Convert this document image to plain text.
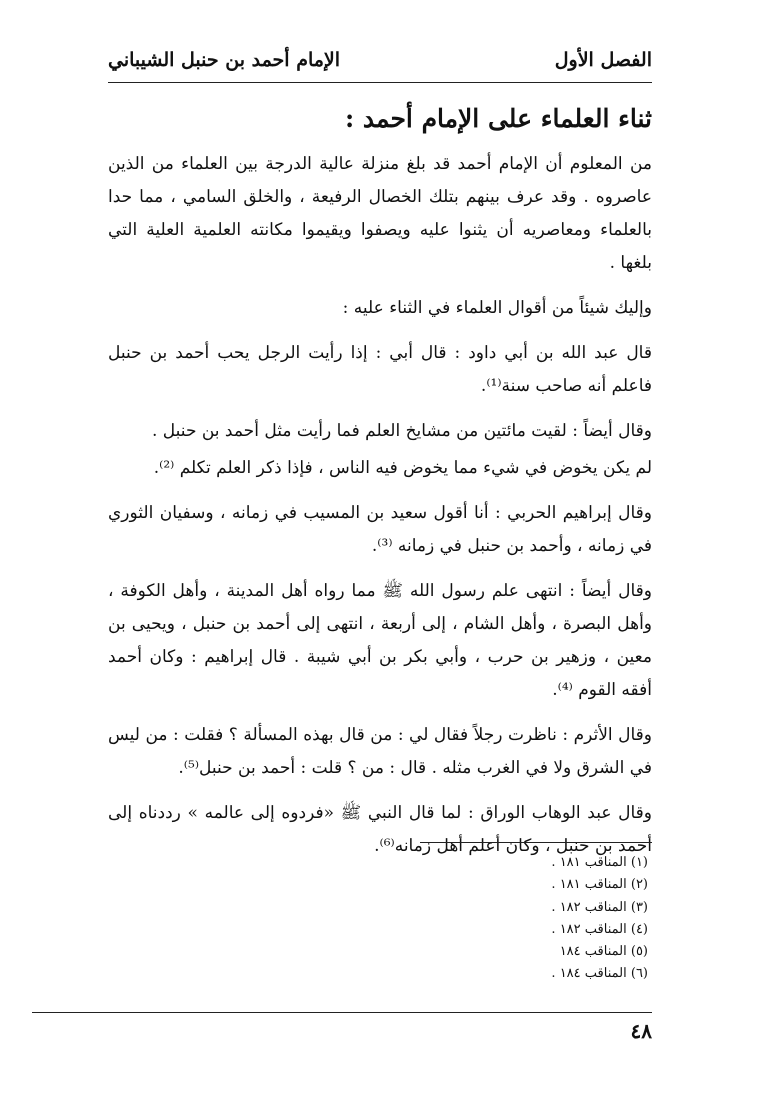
الإمام أحمد بن حنبل الشيباني	الفصل الأول
ثناء العلماء على الإمام أحمد :

من المعلوم أن الإمام أحمد قد بلغ منزلة عالية الدرجة بين العلماء من الذين عاصروه . وقد عرف بينهم بتلك الخصال الرفيعة ، والخلق السامي ، مما حدا بالعلماء ومعاصريه أن يثنوا عليه ويصفوا ويقيموا مكانته العلمية العلية التي بلغها .

وإليك شيئاً من أقوال العلماء في الثناء عليه :

قال عبد الله بن أبي داود : قال أبي : إذا رأيت الرجل يحب أحمد بن حنبل فاعلم أنه صاحب سنة⁽¹⁾.

وقال أيضاً : لقيت مائتين من مشايخ العلم فما رأيت مثل أحمد بن حنبل .

لم يكن يخوض في شيء مما يخوض فيه الناس ، فإذا ذكر العلم تكلم ⁽²⁾.

وقال إبراهيم الحربي : أنا أقول سعيد بن المسيب في زمانه ، وسفيان الثوري في زمانه ، وأحمد بن حنبل في زمانه ⁽³⁾.

وقال أيضاً : انتهى علم رسول الله ﷺ مما رواه أهل المدينة ، وأهل الكوفة ، وأهل البصرة ، وأهل الشام ، إلى أربعة ، انتهى إلى أحمد بن حنبل ، ويحيى بن معين ، وزهير بن حرب ، وأبي بكر بن أبي شيبة . قال إبراهيم : وكان أحمد أفقه القوم ⁽⁴⁾.

وقال الأثرم : ناظرت رجلاً فقال لي : من قال بهذه المسألة ؟ فقلت : من ليس في الشرق ولا في الغرب مثله . قال : من ؟ قلت : أحمد بن حنبل⁽⁵⁾.

وقال عبد الوهاب الوراق : لما قال النبي ﷺ «فردوه إلى عالمه » رددناه إلى أحمد بن حنبل ، وكان أعلم أهل زمانه⁽⁶⁾.

(١) المناقب ١٨١ .
(٢) المناقب ١٨١ .
(٣) المناقب ١٨٢ .
(٤) المناقب ١٨٢ .
(٥) المناقب ١٨٤
(٦) المناقب ١٨٤ .
٤٨
